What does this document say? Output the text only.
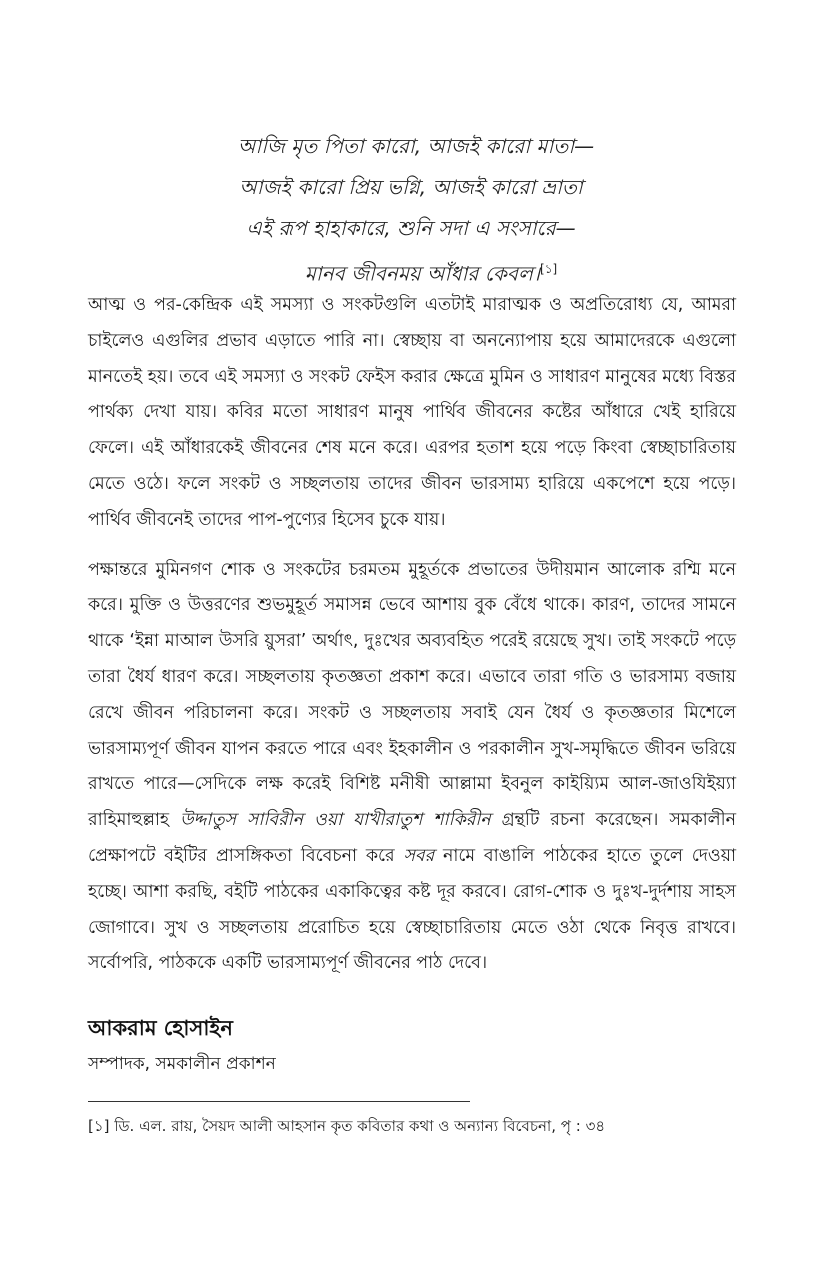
আজি মৃত পিতা কারো, আজই কারো মাতা—
আজই কারো প্রিয় ভগ্নি, আজই কারো ভ্রাতা
এই রূপ হাহাকারে, শুনি সদা এ সংসারে—
মানব জীবনময় আঁধার কেবল।[১]

আত্ম ও পর-কেন্দ্রিক এই সমস্যা ও সংকটগুলি এতটাই মারাত্মক ও অপ্রতিরোধ্য যে, আমরা চাইলেও এগুলির প্রভাব এড়াতে পারি না। স্বেচ্ছায় বা অনন্যোপায় হয়ে আমাদেরকে এগুলো মানতেই হয়। তবে এই সমস্যা ও সংকট ফেইস করার ক্ষেত্রে মুমিন ও সাধারণ মানুষের মধ্যে বিস্তর পার্থক্য দেখা যায়। কবির মতো সাধারণ মানুষ পার্থিব জীবনের কষ্টের আঁধারে খেই হারিয়ে ফেলে। এই আঁধারকেই জীবনের শেষ মনে করে। এরপর হতাশ হয়ে পড়ে কিংবা স্বেচ্ছাচারিতায় মেতে ওঠে। ফলে সংকট ও সচ্ছলতায় তাদের জীবন ভারসাম্য হারিয়ে একপেশে হয়ে পড়ে। পার্থিব জীবনেই তাদের পাপ-পুণ্যের হিসেব চুকে যায়।

পক্ষান্তরে মুমিনগণ শোক ও সংকটের চরমতম মুহূর্তকে প্রভাতের উদীয়মান আলোক রশ্মি মনে করে। মুক্তি ও উত্তরণের শুভমুহূর্ত সমাসন্ন ভেবে আশায় বুক বেঁধে থাকে। কারণ, তাদের সামনে থাকে ‘ইন্না মাআল উসরি য়ুসরা’ অর্থাৎ, দুঃখের অব্যবহিত পরেই রয়েছে সুখ। তাই সংকটে পড়ে তারা ধৈর্য ধারণ করে। সচ্ছলতায় কৃতজ্ঞতা প্রকাশ করে। এভাবে তারা গতি ও ভারসাম্য বজায় রেখে জীবন পরিচালনা করে। সংকট ও সচ্ছলতায় সবাই যেন ধৈর্য ও কৃতজ্ঞতার মিশেলে ভারসাম্যপূর্ণ জীবন যাপন করতে পারে এবং ইহকালীন ও পরকালীন সুখ-সমৃদ্ধিতে জীবন ভরিয়ে রাখতে পারে—সেদিকে লক্ষ করেই বিশিষ্ট মনীষী আল্লামা ইবনুল কাইয়্যিম আল-জাওযিইয়্যা রাহিমাহুল্লাহ উদ্দাতুস সাবিরীন ওয়া যাখীরাতুশ শাকিরীন গ্রন্থটি রচনা করেছেন। সমকালীন প্রেক্ষাপটে বইটির প্রাসঙ্গিকতা বিবেচনা করে সবর নামে বাঙালি পাঠকের হাতে তুলে দেওয়া হচ্ছে। আশা করছি, বইটি পাঠকের একাকিত্বের কষ্ট দূর করবে। রোগ-শোক ও দুঃখ-দুর্দশায় সাহস জোগাবে। সুখ ও সচ্ছলতায় প্ররোচিত হয়ে স্বেচ্ছাচারিতায় মেতে ওঠা থেকে নিবৃত্ত রাখবে। সর্বোপরি, পাঠককে একটি ভারসাম্যপূর্ণ জীবনের পাঠ দেবে।

আকরাম হোসাইন
সম্পাদক, সমকালীন প্রকাশন
[১] ডি. এল. রায়, সৈয়দ আলী আহসান কৃত কবিতার কথা ও অন্যান্য বিবেচনা, পৃ : ৩৪
